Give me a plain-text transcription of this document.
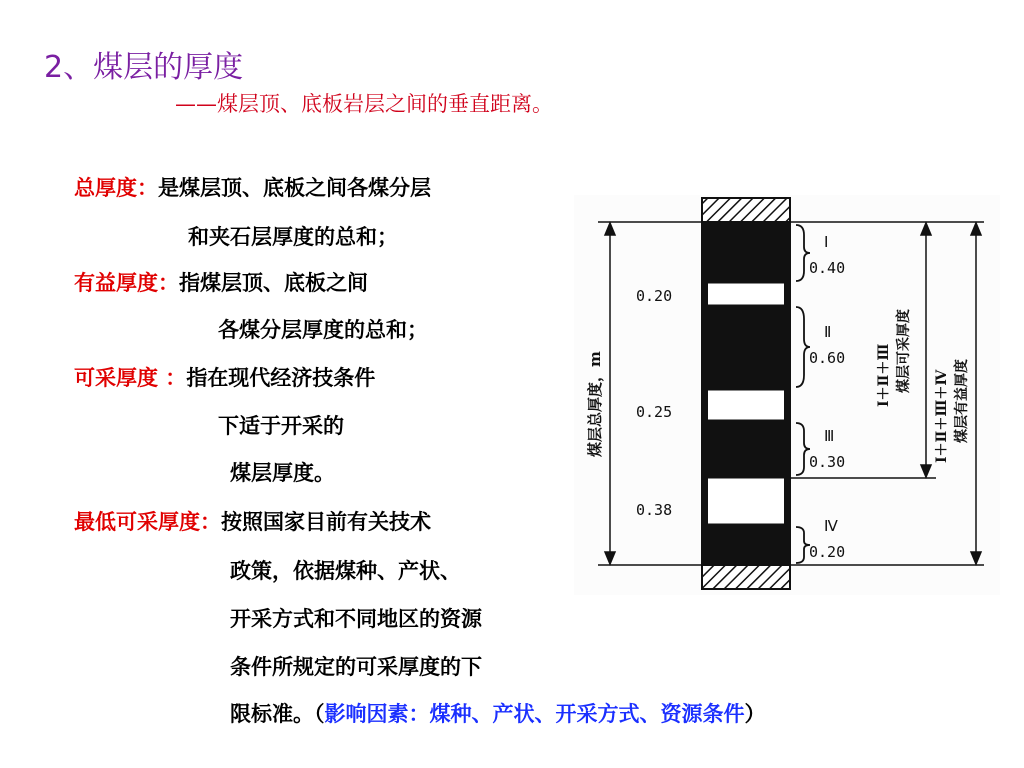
2、煤层的厚度
——煤层顶、底板岩层之间的垂直距离。
总厚度：是煤层顶、底板之间各煤分层
和夹石层厚度的总和；
有益厚度：指煤层顶、底板之间
各煤分层厚度的总和；
可采厚度 ：指在现代经济技条件
下适于开采的
煤层厚度。
最低可采厚度：按照国家目前有关技术
政策，依据煤种、产状、
开采方式和不同地区的资源
条件所规定的可采厚度的下
限标准。（影响因素：煤种、产状、开采方式、资源条件）
煤层总厚度，m
0.20
0.25
0.38
Ⅰ
0.40
Ⅱ
0.60
Ⅲ
0.30
Ⅳ
0.20
Ⅰ＋Ⅱ＋Ⅲ 煤层可采厚度
Ⅰ＋Ⅱ＋Ⅲ＋Ⅳ 煤层有益厚度
